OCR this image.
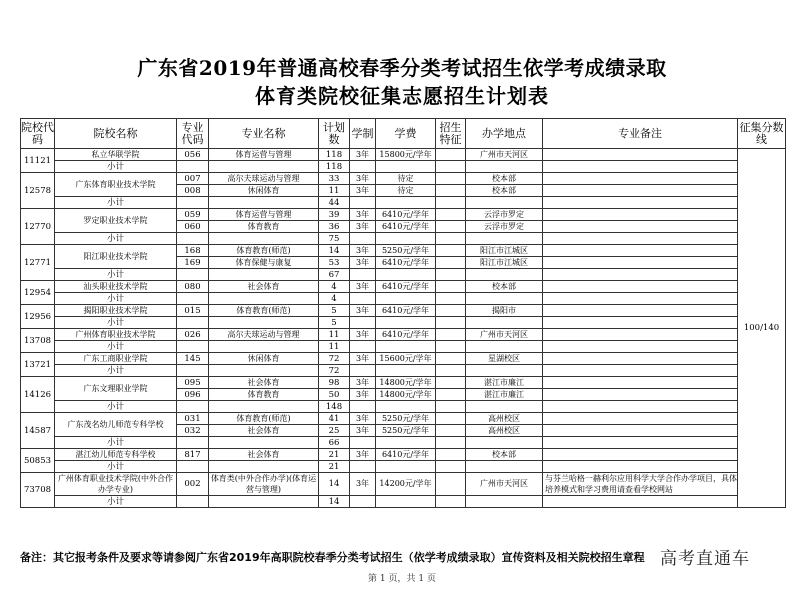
广东省2019年普通高校春季分类考试招生依学考成绩录取
体育类院校征集志愿招生计划表
院校代码	院校名称	专业代码	专业名称	计划数	学制	学费	招生特征	办学地点	专业备注	征集分数线
11121	私立华联学院	056	体育运营与管理	118	3年	15800元/学年		广州市天河区		100/140
	小计			118						
12578	广东体育职业技术学院	007	高尔夫球运动与管理	33	3年	待定		校本部		
		008	休闲体育	11	3年	待定		校本部		
	小计			44						
12770	罗定职业技术学院	059	体育运营与管理	39	3年	6410元/学年		云浮市罗定		
		060	体育教育	36	3年	6410元/学年		云浮市罗定		
	小计			75						
12771	阳江职业技术学院	168	体育教育(师范)	14	3年	5250元/学年		阳江市江城区		
		169	体育保健与康复	53	3年	6410元/学年		阳江市江城区		
	小计			67						
12954	汕头职业技术学院	080	社会体育	4	3年	6410元/学年		校本部		
	小计			4						
12956	揭阳职业技术学院	015	体育教育(师范)	5	3年	6410元/学年		揭阳市		
	小计			5						
13708	广州体育职业技术学院	026	高尔夫球运动与管理	11	3年	6410元/学年		广州市天河区		
	小计			11						
13721	广东工商职业学院	145	休闲体育	72	3年	15600元/学年		星湖校区		
	小计			72						
14126	广东文理职业学院	095	社会体育	98	3年	14800元/学年		湛江市廉江		
		096	体育教育	50	3年	14800元/学年		湛江市廉江		
	小计			148						
14587	广东茂名幼儿师范专科学校	031	体育教育(师范)	41	3年	5250元/学年		高州校区		
		032	社会体育	25	3年	5250元/学年		高州校区		
	小计			66						
50853	湛江幼儿师范专科学校	817	社会体育	21	3年	6410元/学年		校本部		
	小计			21						
73708	广州体育职业技术学院(中外合作办学专业)	002	体育类(中外合作办学)(体育运营与管理)	14	3年	14200元/学年		广州市天河区	与芬兰哈格一赫利尔应用科学大学合作办学项目，具体培养模式和学习费用请查看学校网站	
	小计			14						
备注：其它报考条件及要求等请参阅广东省2019年高职院校春季分类考试招生（依学考成绩录取）宣传资料及相关院校招生章程 高考直通车
第 1 页，共 1 页
